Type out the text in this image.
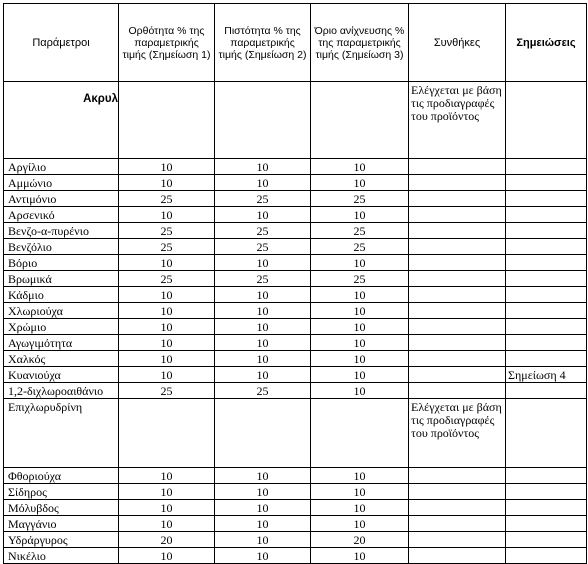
Παράμετροι	Ορθότητα % της παραμετρικής τιμής (Σημείωση 1)	Πιστότητα % της παραμετρικής τιμής (Σημείωση 2)	Όριο ανίχνευσης % της παραμετρικής τιμής (Σημείωση 3)	Συνθήκες	Σημειώσεις
Ακρυλ				Ελέγχεται με βάση τις προδιαγραφές του προϊόντος	
Αργίλιο	10	10	10		
Αμμώνιο	10	10	10		
Αντιμόνιο	25	25	25		
Αρσενικό	10	10	10		
Βενζο-α-πυρένιο	25	25	25		
Βενζόλιο	25	25	25		
Βόριο	10	10	10		
Βρωμικά	25	25	25		
Κάδμιο	10	10	10		
Χλωριούχα	10	10	10		
Χρώμιο	10	10	10		
Αγωγιμότητα	10	10	10		
Χαλκός	10	10	10		
Κυανιούχα	10	10	10		Σημείωση 4
1,2-διχλωροαιθάνιο	25	25	10		
Επιχλωρυδρίνη				Ελέγχεται με βάση τις προδιαγραφές του προϊόντος	
Φθοριούχα	10	10	10		
Σίδηρος	10	10	10		
Μόλυβδος	10	10	10		
Μαγγάνιο	10	10	10		
Υδράργυρος	20	10	20		
Νικέλιο	10	10	10		
